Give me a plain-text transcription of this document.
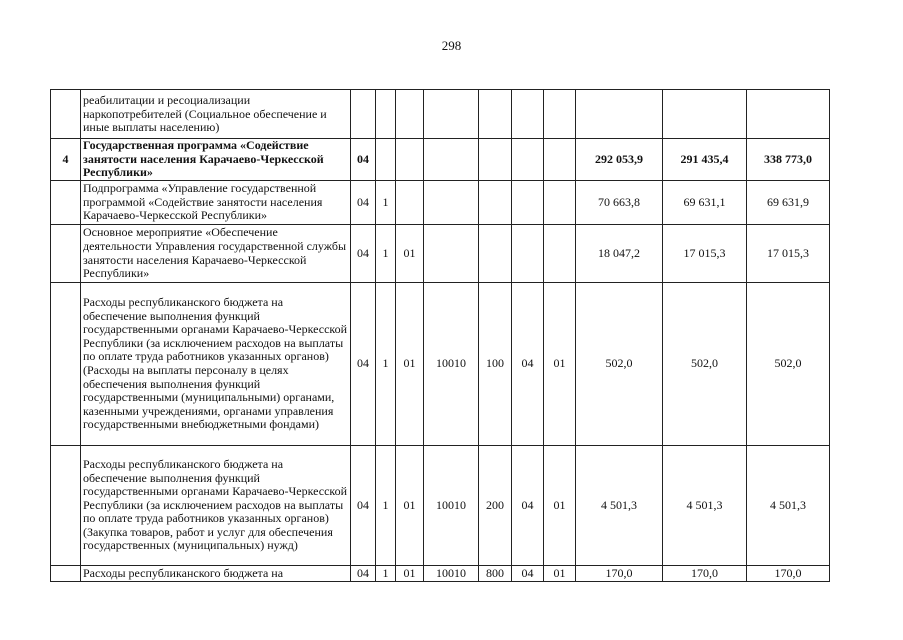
298
	реабилитации и ресоциализации наркопотребителей (Социальное обеспечение и иные выплаты населению)										
4	Государственная программа «Содействие занятости населения Карачаево-Черкесской Республики»	04							292 053,9	291 435,4	338 773,0
	Подпрограмма «Управление государственной программой «Содействие занятости населения Карачаево-Черкесской Республики»	04	1						70 663,8	69 631,1	69 631,9
	Основное мероприятие «Обеспечение деятельности Управления государственной службы занятости населения Карачаево-Черкесской Республики»	04	1	01					18 047,2	17 015,3	17 015,3
	Расходы республиканского бюджета на обеспечение выполнения функций государственными органами Карачаево-Черкесской Республики (за исключением расходов на выплаты по оплате труда работников указанных органов) (Расходы на выплаты персоналу в целях обеспечения выполнения функций государственными (муниципальными) органами, казенными учреждениями, органами управления государственными внебюджетными фондами)	04	1	01	10010	100	04	01	502,0	502,0	502,0
	Расходы республиканского бюджета на обеспечение выполнения функций государственными органами Карачаево-Черкесской Республики (за исключением расходов на выплаты по оплате труда работников указанных органов) (Закупка товаров, работ и услуг для обеспечения государственных (муниципальных) нужд)	04	1	01	10010	200	04	01	4 501,3	4 501,3	4 501,3
	Расходы республиканского бюджета на	04	1	01	10010	800	04	01	170,0	170,0	170,0
